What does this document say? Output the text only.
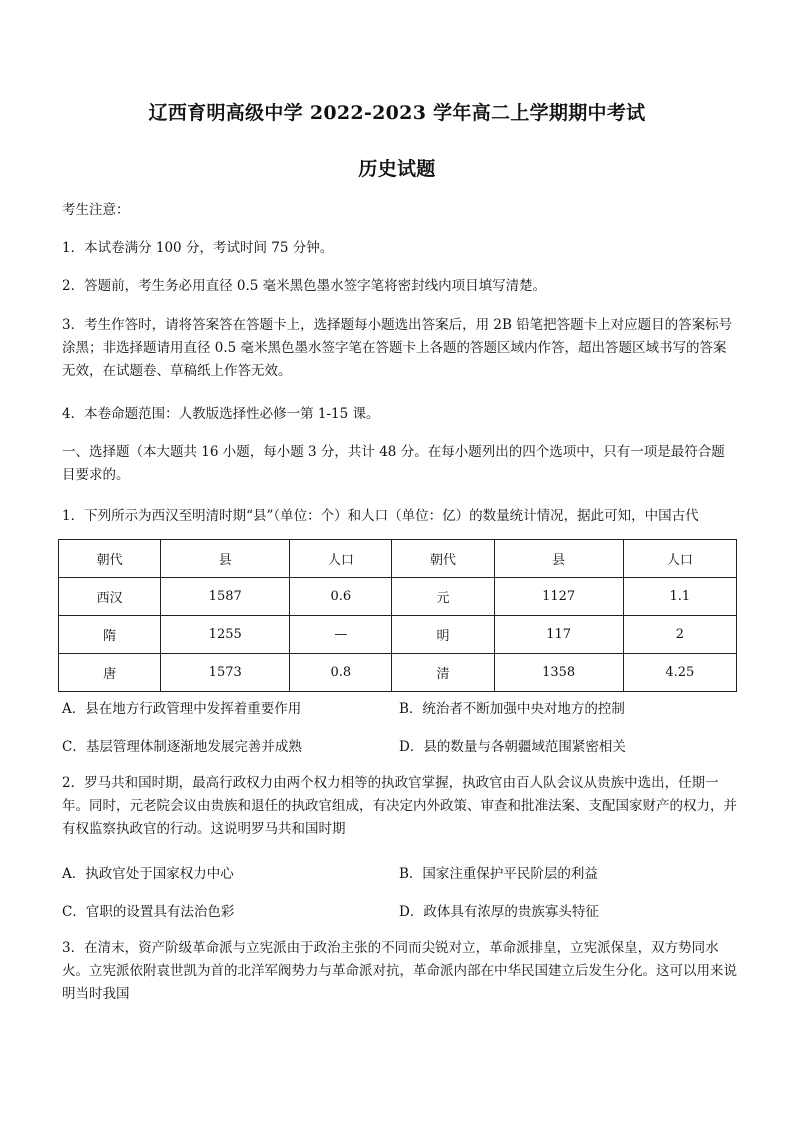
辽西育明高级中学 2022-2023 学年高二上学期期中考试
历史试题
考生注意：
1．本试卷满分 100 分，考试时间 75 分钟。
2．答题前，考生务必用直径 0.5 毫米黑色墨水签字笔将密封线内项目填写清楚。
3．考生作答时，请将答案答在答题卡上，选择题每小题选出答案后，用 2B 铅笔把答题卡上对应题目的答案标号涂黑；非选择题请用直径 0.5 毫米黑色墨水签字笔在答题卡上各题的答题区域内作答，超出答题区域书写的答案无效，在试题卷、草稿纸上作答无效。
4．本卷命题范围：人教版选择性必修一第 1-15 课。
一、选择题（本大题共 16 小题，每小题 3 分，共计 48 分。在每小题列出的四个选项中，只有一项是最符合题目要求的。
1．下列所示为西汉至明清时期“县”（单位：个）和人口（单位：亿）的数量统计情况，据此可知，中国古代
朝代	县	人口	朝代	县	人口
西汉	1587	0.6	元	1127	1.1
隋	1255	—	明	117	2
唐	1573	0.8	清	1358	4.25
A．县在地方行政管理中发挥着重要作用	B．统治者不断加强中央对地方的控制
C．基层管理体制逐渐地发展完善并成熟	D．县的数量与各朝疆域范围紧密相关
2．罗马共和国时期，最高行政权力由两个权力相等的执政官掌握，执政官由百人队会议从贵族中选出，任期一年。同时，元老院会议由贵族和退任的执政官组成，有决定内外政策、审查和批准法案、支配国家财产的权力，并有权监察执政官的行动。这说明罗马共和国时期
A．执政官处于国家权力中心	B．国家注重保护平民阶层的利益
C．官职的设置具有法治色彩	D．政体具有浓厚的贵族寡头特征
3．在清末，资产阶级革命派与立宪派由于政治主张的不同而尖锐对立，革命派排皇，立宪派保皇，双方势同水火。立宪派依附袁世凯为首的北洋军阀势力与革命派对抗，革命派内部在中华民国建立后发生分化。这可以用来说明当时我国
